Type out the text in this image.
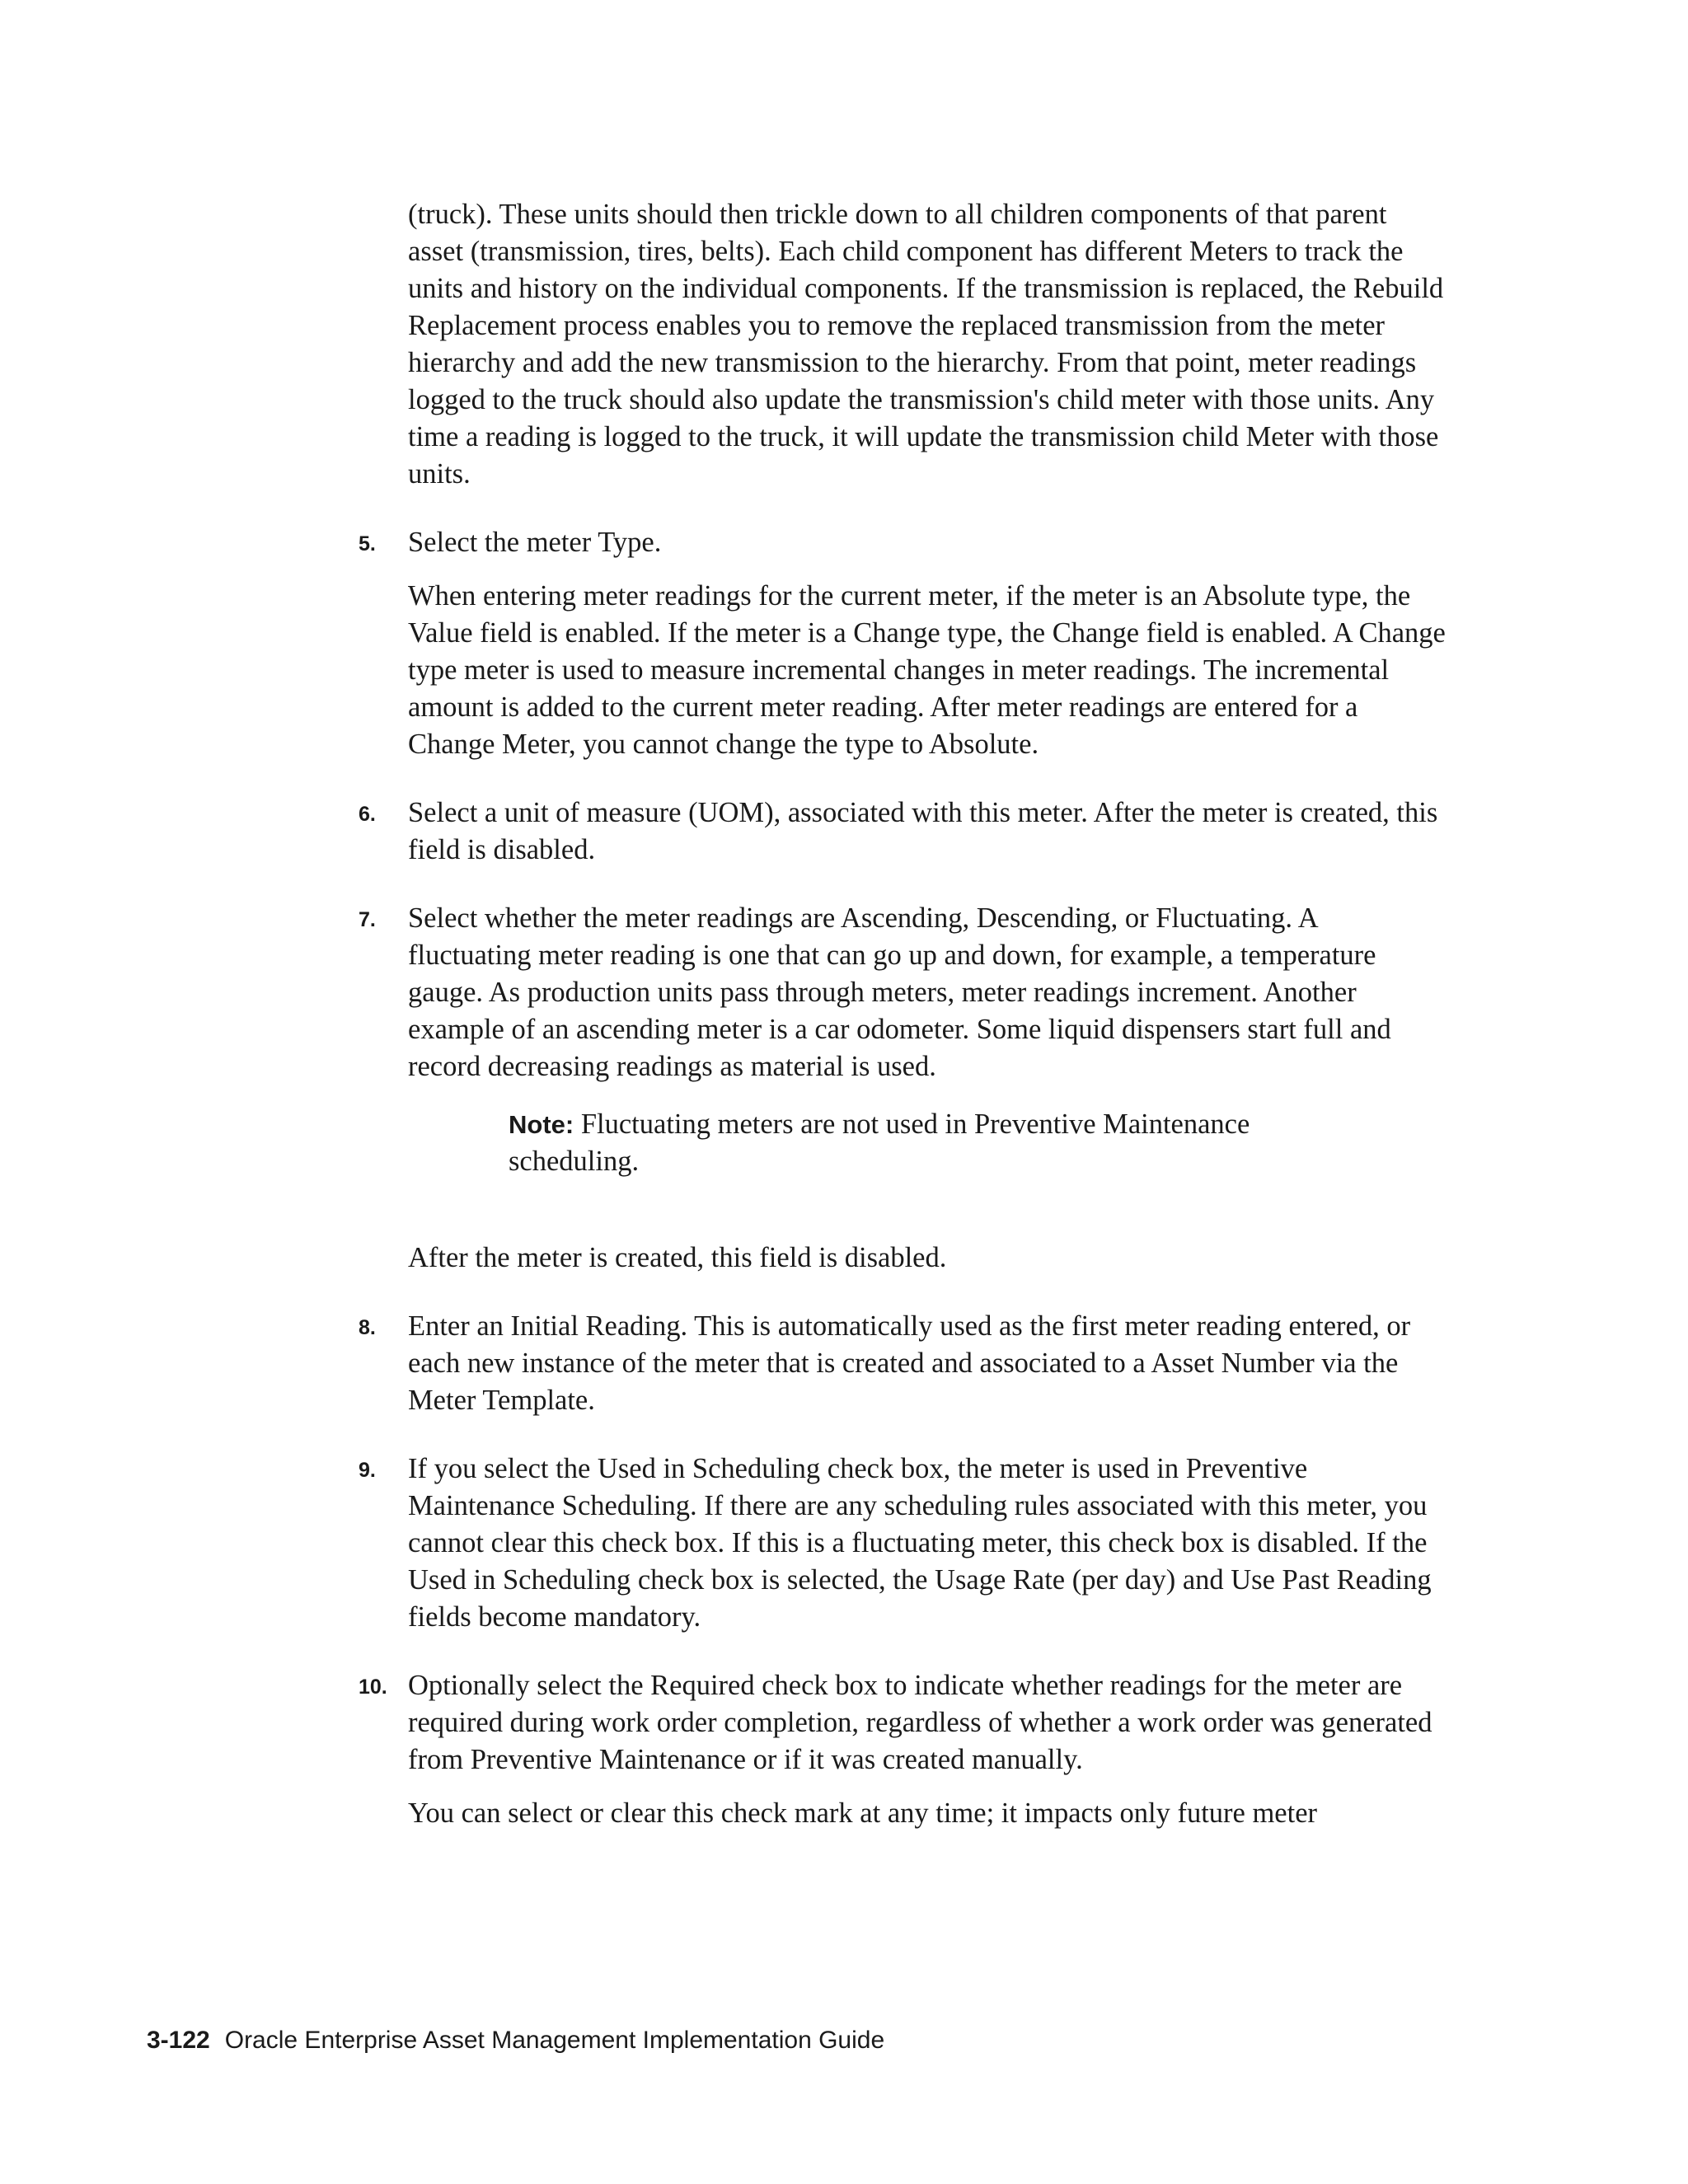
(truck). These units should then trickle down to all children components of that parent asset (transmission, tires, belts). Each child component has different Meters to track the units and history on the individual components. If the transmission is replaced, the Rebuild Replacement process enables you to remove the replaced transmission from the meter hierarchy and add the new transmission to the hierarchy. From that point, meter readings logged to the truck should also update the transmission's child meter with those units. Any time a reading is logged to the truck, it will update the transmission child Meter with those units.

5. Select the meter Type.

When entering meter readings for the current meter, if the meter is an Absolute type, the Value field is enabled. If the meter is a Change type, the Change field is enabled. A Change type meter is used to measure incremental changes in meter readings. The incremental amount is added to the current meter reading. After meter readings are entered for a Change Meter, you cannot change the type to Absolute.

6. Select a unit of measure (UOM), associated with this meter. After the meter is created, this field is disabled.

7. Select whether the meter readings are Ascending, Descending, or Fluctuating. A fluctuating meter reading is one that can go up and down, for example, a temperature gauge. As production units pass through meters, meter readings increment. Another example of an ascending meter is a car odometer. Some liquid dispensers start full and record decreasing readings as material is used.

Note: Fluctuating meters are not used in Preventive Maintenance scheduling.

After the meter is created, this field is disabled.

8. Enter an Initial Reading. This is automatically used as the first meter reading entered, or each new instance of the meter that is created and associated to a Asset Number via the Meter Template.

9. If you select the Used in Scheduling check box, the meter is used in Preventive Maintenance Scheduling. If there are any scheduling rules associated with this meter, you cannot clear this check box. If this is a fluctuating meter, this check box is disabled. If the Used in Scheduling check box is selected, the Usage Rate (per day) and Use Past Reading fields become mandatory.

10. Optionally select the Required check box to indicate whether readings for the meter are required during work order completion, regardless of whether a work order was generated from Preventive Maintenance or if it was created manually.

You can select or clear this check mark at any time; it impacts only future meter

3-122 Oracle Enterprise Asset Management Implementation Guide
